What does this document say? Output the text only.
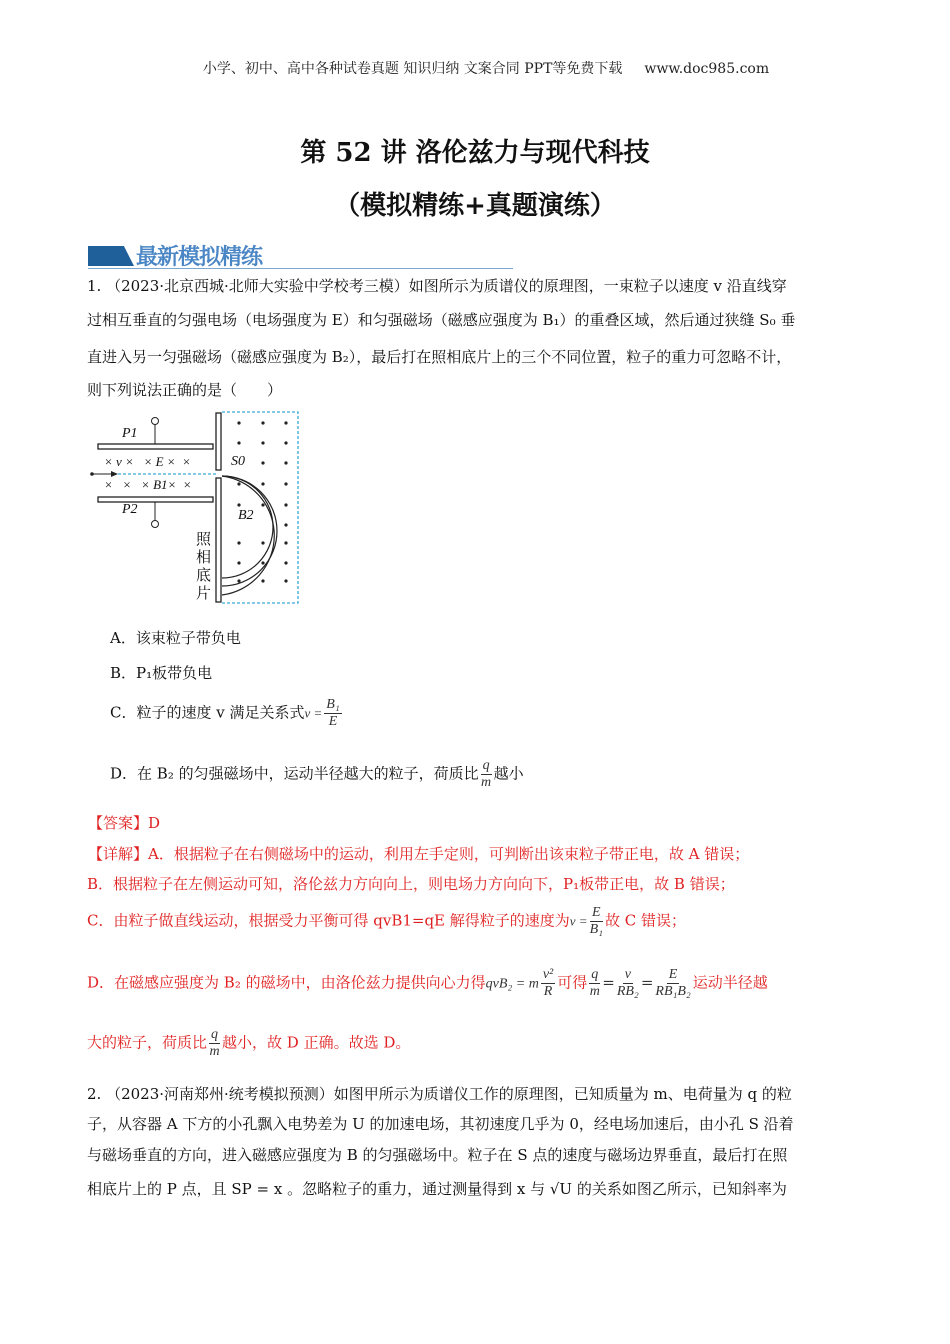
小学、初中、高中各种试卷真题 知识归纳 文案合同 PPT等免费下载 www.doc985.com
第 52 讲 洛伦兹力与现代科技
（模拟精练+真题演练）
最新模拟精练
1. （2023·北京西城·北师大实验中学校考三模）如图所示为质谱仪的原理图，一束粒子以速度 v 沿直线穿
过相互垂直的匀强电场（电场强度为 E）和匀强磁场（磁感应强度为 B₁）的重叠区域，然后通过狭缝 S₀ 垂
直进入另一匀强磁场（磁感应强度为 B₂），最后打在照相底片上的三个不同位置，粒子的重力可忽略不计，
则下列说法正确的是（　　）
P1
P2
× v ×   × E ×  ×
×   ×   × B1×  ×
S0
B2
照相底片
A．该束粒子带负电
B．P₁板带负电
C．粒子的速度 v 满足关系式$v = \frac{\text{B₁}}{E}$
D．在 B₂ 的匀强磁场中，运动半径越大的粒子，荷质比 $\frac{q}{m}$ 越小
【答案】D
【详解】A．根据粒子在右侧磁场中的运动，利用左手定则，可判断出该束粒子带正电，故 A 错误；
B．根据粒子在左侧运动可知，洛伦兹力方向向上，则电场力方向向下，P₁板带正电，故 B 错误；
C．由粒子做直线运动，根据受力平衡可得 qvB1=qE 解得粒子的速度为$v = \frac{E}{\text{B₁}}$ 故 C 错误；
D．在磁感应强度为 B₂ 的磁场中，由洛伦兹力提供向心力得qvB₂ = m $\frac{\text{v²}}{R}$ 可得 $\frac{q}{m} = \frac{v}{\text{RB₂}} = \frac{E}{\text{RB₁B₂}}$ 运动半径越
大的粒子，荷质比 $\frac{q}{m}$ 越小，故 D 正确。故选 D。
2. （2023·河南郑州·统考模拟预测）如图甲所示为质谱仪工作的原理图，已知质量为 m、电荷量为 q 的粒
子，从容器 A 下方的小孔飘入电势差为 U 的加速电场，其初速度几乎为 0，经电场加速后，由小孔 S 沿着
与磁场垂直的方向，进入磁感应强度为 B 的匀强磁场中。粒子在 S 点的速度与磁场边界垂直，最后打在照
相底片上的 P 点，且 SP = x 。忽略粒子的重力，通过测量得到 x 与 √U 的关系如图乙所示，已知斜率为
